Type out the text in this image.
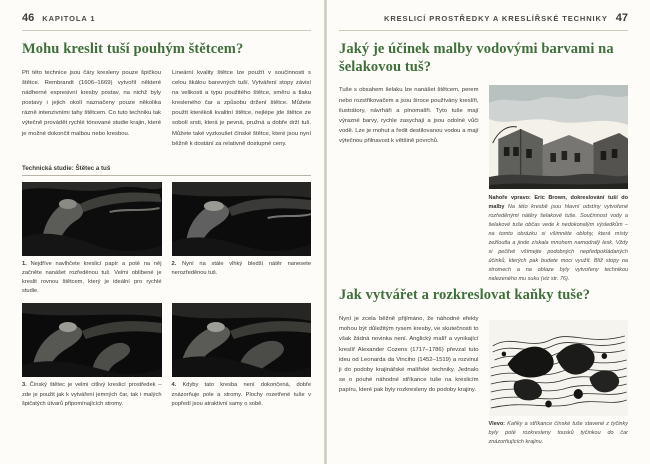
46 KAPITOLA 1
Mohu kreslit tuší pouhým štětcem?

Při této technice jsou čáry kresleny pouze špičkou štětce. Rembrandt (1606–1669) vytvořil některé nádherné expresivní kresby postav, na nichž byly postavy i jejich okolí naznačeny pouze několika rázně intenzivními tahy štětcem. Co tuto techniku tak výtečně provádět rychlé tónované studie krajin, které je možné dokončit malbou nebo kresbou.

Lineární kvality štětce lze použít v součinnosti s celou škálou barevných tuší. Vytváření stopy závisí na velikosti a typu použitého štětce, směru a tlaku kresleného čar a způsobu držení štětce. Můžete použít kterékoli kvalitní štětce, nejlépe jde štětce ze sobolí srsti, která je pevná, pružná a dobře drží tuš. Můžete také vyzkoušet čínské štětce, které jsou nyní běžně k dostání za relativně dostupné ceny.

Technická studie: Štětec a tuš
1. Nejdříve navlhčete kreslicí papír a poté na něj začněte nanášet rozředěnou tuš. Velmi oblíbené je kreslit rovnou štětcem, který je ideální pro rychlé studie.
2. Nyní na stále vlhký bledší nátěr nanesete nerozředěnou tuš.
3. Čínský štětec je velmi citlivý kreslicí prostředek – zde je použit jak k vytváření jemných čar, tak i malých špičatých útvarů připomínajících stromy.
4. Kdyby tato kresba není dokončená, dobře znázorňuje pole a stromy. Plochy rozetřené tuše v popředí jsou atraktivní samy o sobě.
KRESLICÍ PROSTŘEDKY A KRESLÍŘSKÉ TECHNIKY 47
Jaký je účinek malby vodovými barvami na šelakovou tuš?

Tuše s obsahem šelaku lze nanášet štětcem, perem nebo rozstřikovačem a jsou široce používány kreslíři, ilustrátory, návrháři a plnomalíři. Tyto tuše mají výrazné barvy, rychle zasychají a jsou odolné vůči vodě. Lze je mohut a ředit destilovanou vodou a mají výtečnou přilnavost k většině povrchů.

Nahoře vpravo: Eric Brown, dokreslování tuší do malby Na této kresbě jsou hlavní odstíny vytvořené rozředěnými nátěry šelakové tuše. Součinnost vody a šelakové tuše občas vede k nedokonalým výsledkům – na tomto obrázku si všimněte oblohy, která místy zežloutla a jinde získala mnohem namodralý lesk. Vždy si pečlivě všímejte podobných nepředpokládaných účinků, kterých pak budete moci využít. Blíž stopy na stromech a na oblaze byly vytvořeny technikou nalezeného mu suku (viz str. 76).
Jak vytvářet a rozkreslovat kaňky tuše?

Nyní je zcela běžně přijímáno, že náhodné efekty mohou být důležitým rysem kresby, ve skutečnosti to však žádná novinka není. Anglický malíř a vynikající kreslíř Alexander Cozens (1717–1786) převzal tuto ideu od Leonarda da Vinciho (1452–1519) a rozvinul ji do podoby krajinářské malířské techniky. Jednalo se o pouhé náhodné stříkance tuše na kreslicím papíru, které pak byly rozkresleny do podoby krajiny.

Vlevo: Kaňky a stříkance čínské tuše stavené z tyčinky byly poté rozkresleny tousků tyčinkou do čar znázorňujících krajinu.
